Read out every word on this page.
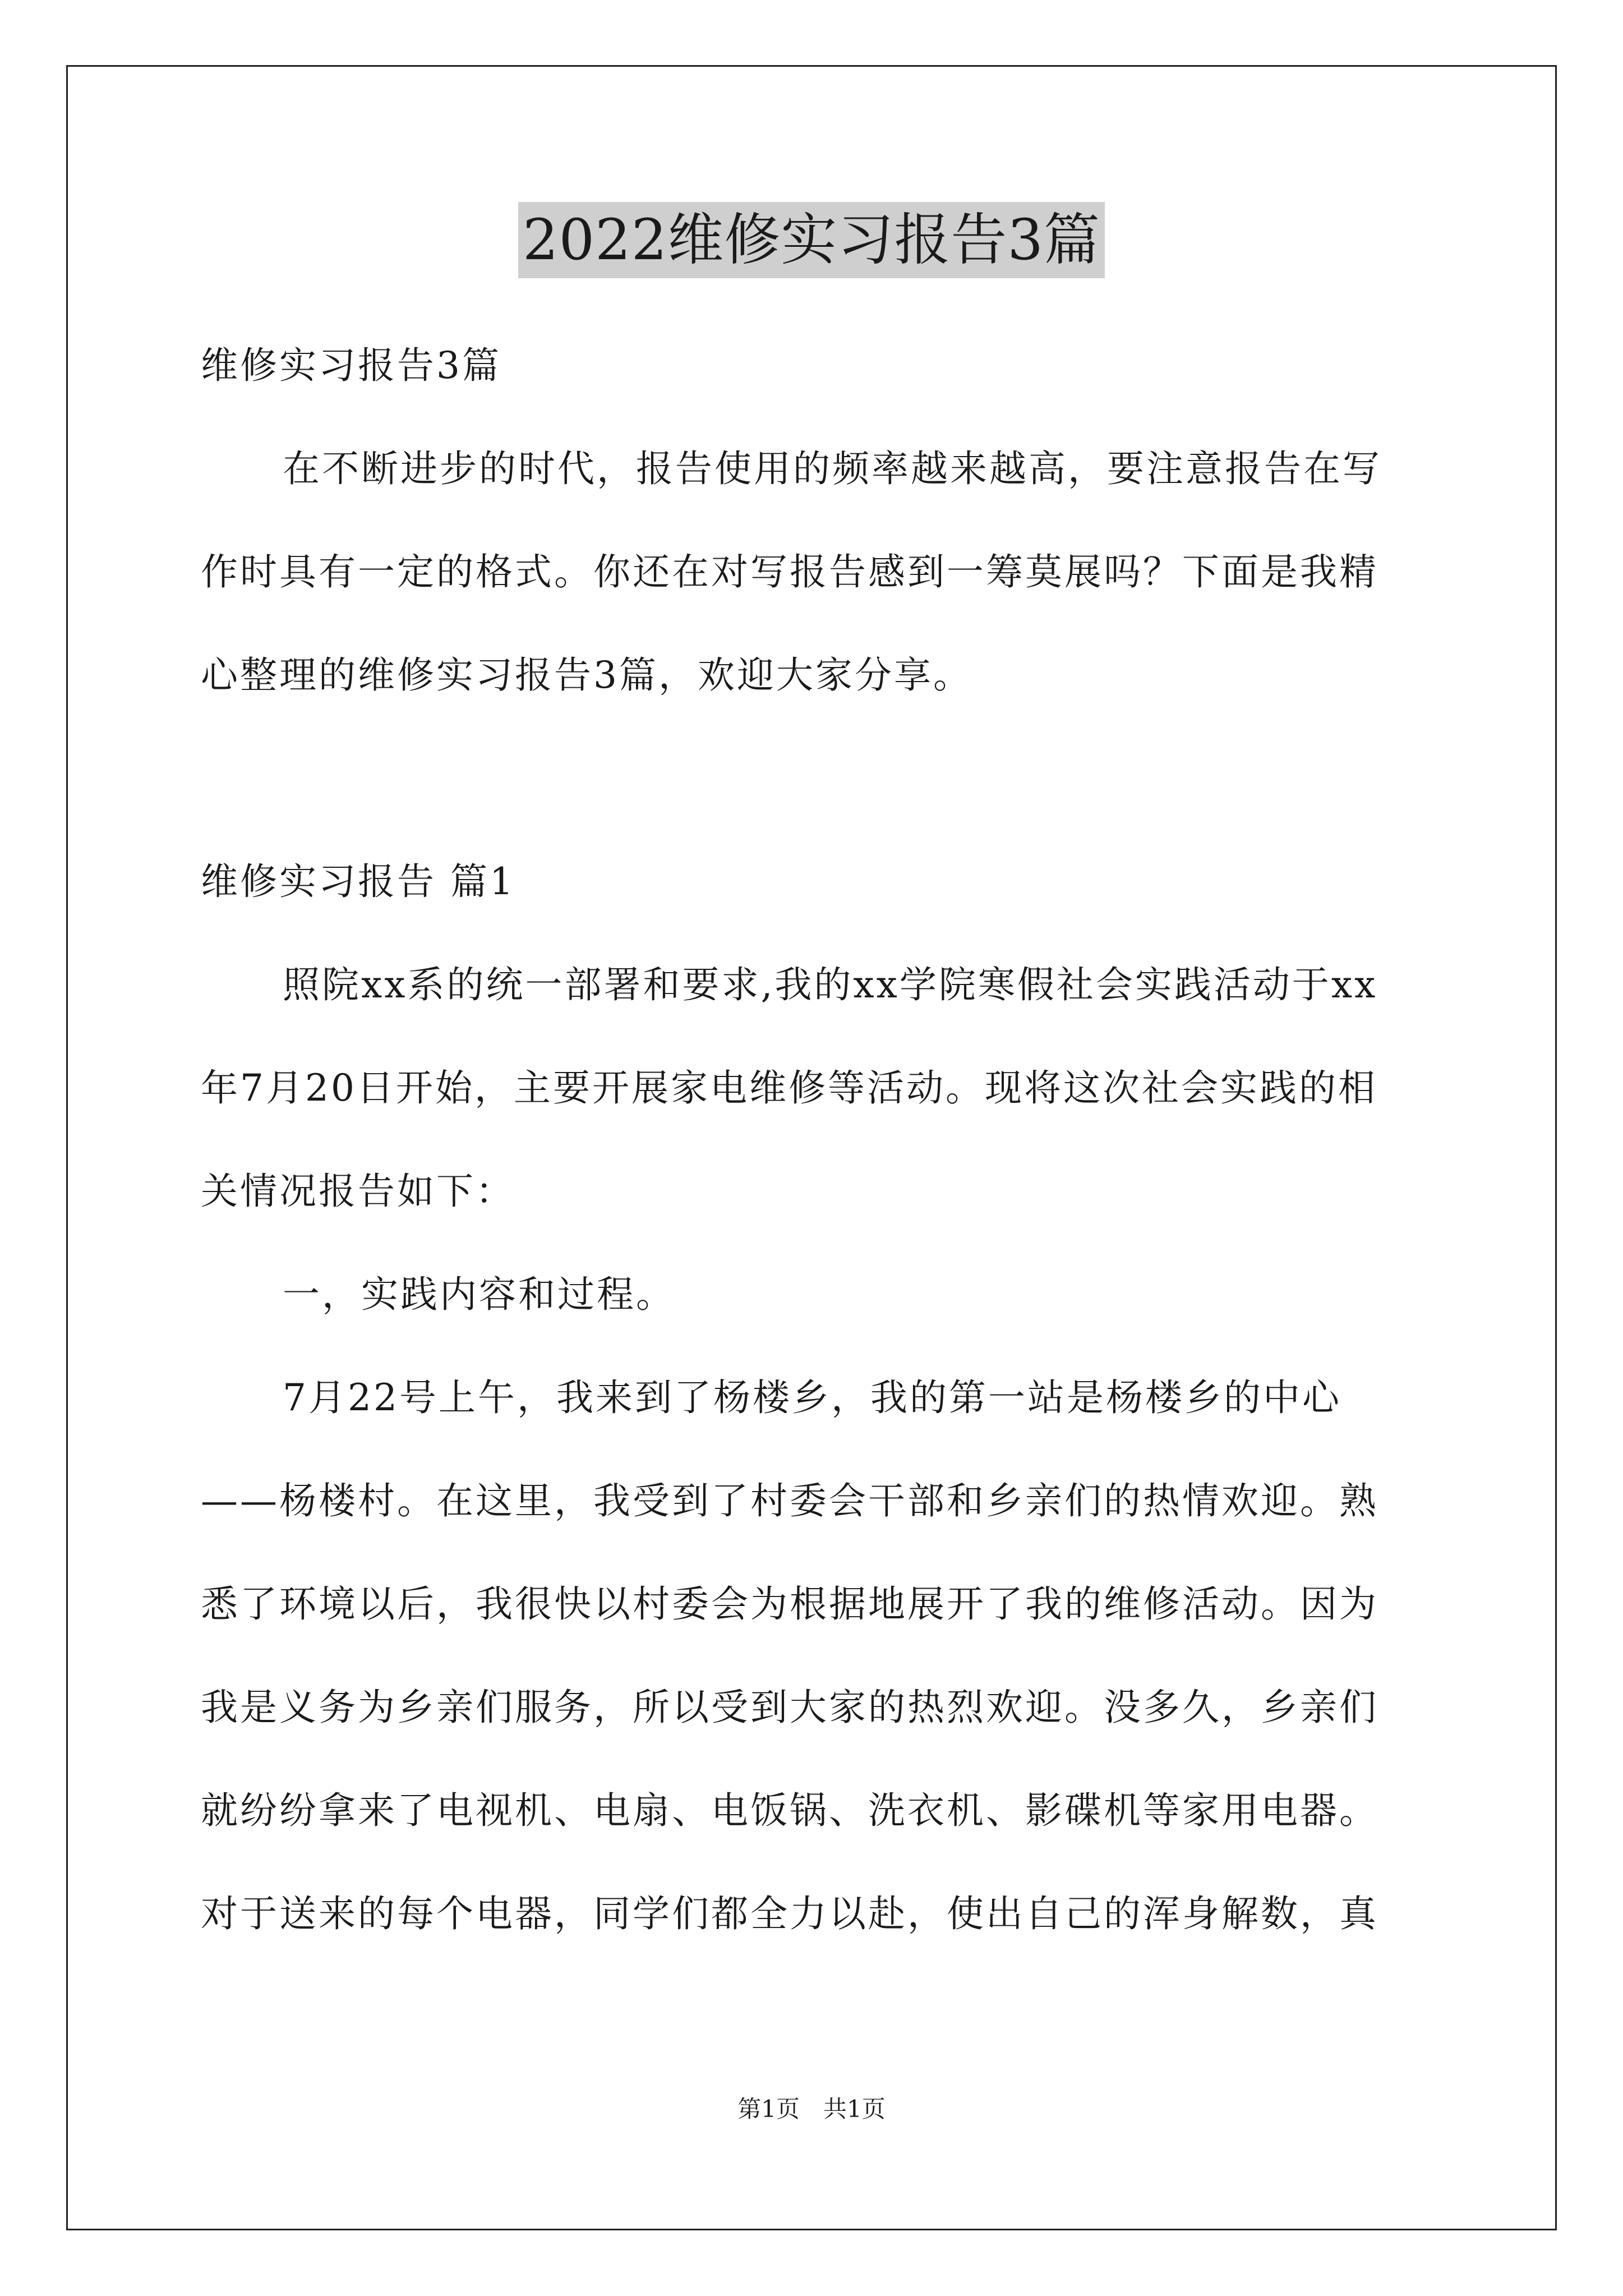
2022维修实习报告3篇
维修实习报告3篇
在不断进步的时代，报告使用的频率越来越高，要注意报告在写
作时具有一定的格式。你还在对写报告感到一筹莫展吗？下面是我精
心整理的维修实习报告3篇，欢迎大家分享。
维修实习报告 篇1
照院xx系的统一部署和要求,我的xx学院寒假社会实践活动于xx
年7月20日开始，主要开展家电维修等活动。现将这次社会实践的相
关情况报告如下：
一，实践内容和过程。
7月22号上午，我来到了杨楼乡，我的第一站是杨楼乡的中心
——杨楼村。在这里，我受到了村委会干部和乡亲们的热情欢迎。熟
悉了环境以后，我很快以村委会为根据地展开了我的维修活动。因为
我是义务为乡亲们服务，所以受到大家的热烈欢迎。没多久，乡亲们
就纷纷拿来了电视机、电扇、电饭锅、洗衣机、影碟机等家用电器。
对于送来的每个电器，同学们都全力以赴，使出自己的浑身解数，真
第1页　共1页
